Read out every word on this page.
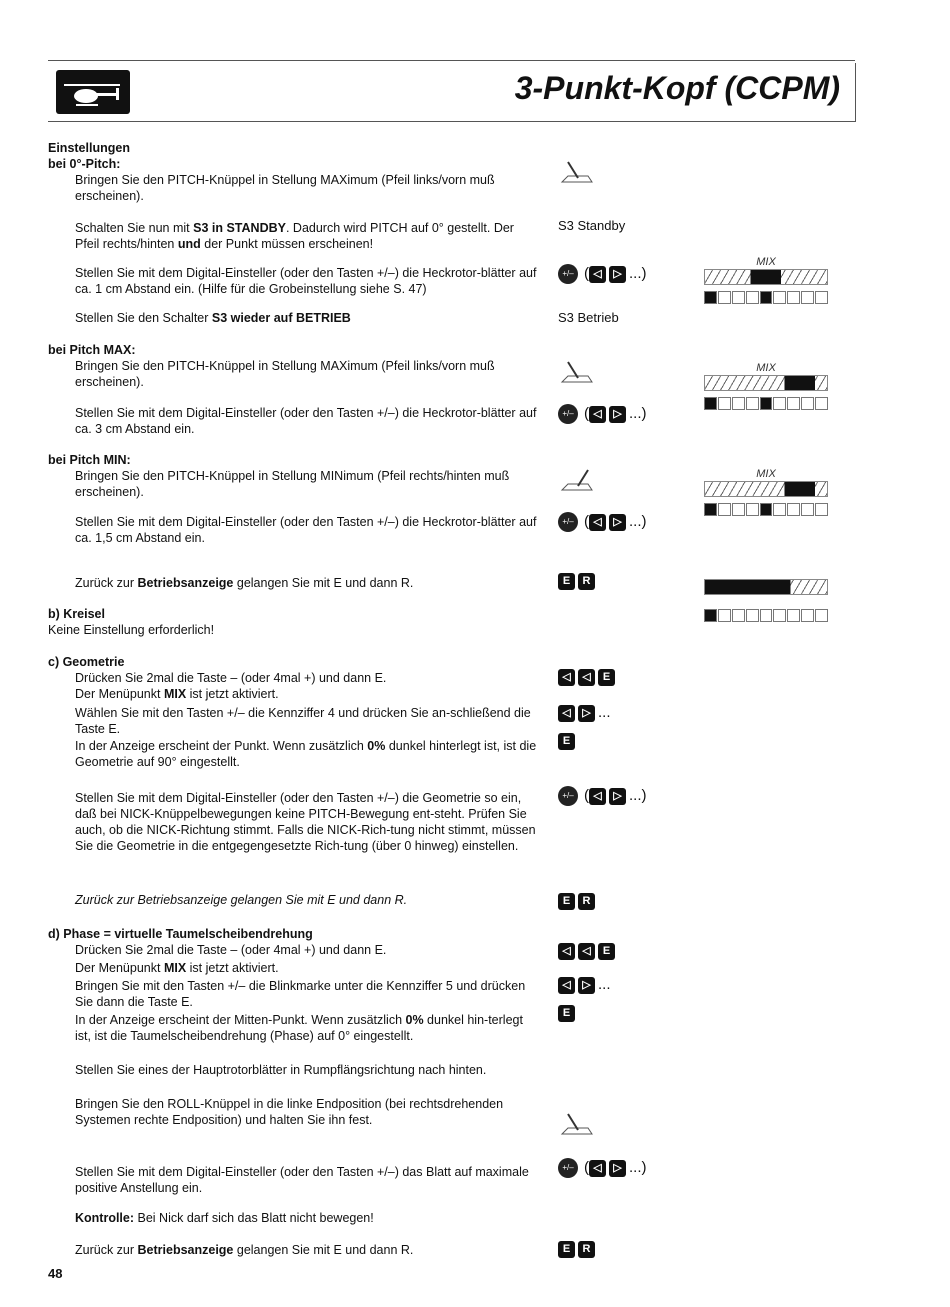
3-Punkt-Kopf (CCPM)
Einstellungen
bei 0°-Pitch:
Bringen Sie den PITCH-Knüppel in Stellung MAXimum (Pfeil links/vorn muß erscheinen).
Schalten Sie nun mit S3 in STANDBY. Dadurch wird PITCH auf 0° gestellt. Der Pfeil rechts/hinten und der Punkt müssen erscheinen!
Stellen Sie mit dem Digital-Einsteller (oder den Tasten +/–) die Heckrotor-blätter auf ca. 1 cm Abstand ein. (Hilfe für die Grobeinstellung siehe S. 47)
Stellen Sie den Schalter S3 wieder auf BETRIEB
bei Pitch MAX:
Bringen Sie den PITCH-Knüppel in Stellung MAXimum (Pfeil links/vorn muß erscheinen).
Stellen Sie mit dem Digital-Einsteller (oder den Tasten +/–) die Heckrotor-blätter auf ca. 3 cm Abstand ein.
bei Pitch MIN:
Bringen Sie den PITCH-Knüppel in Stellung MINimum (Pfeil rechts/hinten muß erscheinen).
Stellen Sie mit dem Digital-Einsteller (oder den Tasten +/–) die Heckrotor-blätter auf ca. 1,5 cm Abstand ein.
Zurück zur Betriebsanzeige gelangen Sie mit E und dann R.
b) Kreisel
Keine Einstellung erforderlich!
c) Geometrie
Drücken Sie 2mal die Taste – (oder 4mal +) und dann E.
Der Menüpunkt MIX ist jetzt aktiviert.
Wählen Sie mit den Tasten +/– die Kennziffer 4 und drücken Sie an-schließend die Taste E.
In der Anzeige erscheint der Punkt. Wenn zusätzlich 0% dunkel hinterlegt ist, ist die Geometrie auf 90° eingestellt.
Stellen Sie mit dem Digital-Einsteller (oder den Tasten +/–) die Geometrie so ein, daß bei NICK-Knüppelbewegungen keine PITCH-Bewegung ent-steht. Prüfen Sie auch, ob die NICK-Richtung stimmt. Falls die NICK-Rich-tung nicht stimmt, müssen Sie die Geometrie in die entgegengesetzte Rich-tung (über 0 hinweg) einstellen.
Zurück zur Betriebsanzeige gelangen Sie mit E und dann R.
d) Phase = virtuelle Taumelscheibendrehung
Drücken Sie 2mal die Taste – (oder 4mal +) und dann E.
Der Menüpunkt MIX ist jetzt aktiviert.
Bringen Sie mit den Tasten +/– die Blinkmarke unter die Kennziffer 5 und drücken Sie dann die Taste E.
In der Anzeige erscheint der Mitten-Punkt. Wenn zusätzlich 0% dunkel hin-terlegt ist, ist die Taumelscheibendrehung (Phase) auf 0° eingestellt.
Stellen Sie eines der Hauptrotorblätter in Rumpflängsrichtung nach hinten.
Bringen Sie den ROLL-Knüppel in die linke Endposition (bei rechtsdrehenden Systemen rechte Endposition) und halten Sie ihn fest.
Stellen Sie mit dem Digital-Einsteller (oder den Tasten +/–) das Blatt auf maximale positive Anstellung ein.
Kontrolle: Bei Nick darf sich das Blatt nicht bewegen!
Zurück zur Betriebsanzeige gelangen Sie mit E und dann R.
48
S3 Standby
S3 Betrieb
+/– ( ◁ ▷ ...)
+/– ( ◁ ▷ ...)
+/– ( ◁ ▷ ...)
E R
◁ ◁ E
◁ ▷ ...
E
+/– ( ◁ ▷ ...)
E R
◁ ◁ E
◁ ▷ ...
E
+/– ( ◁ ▷ ...)
E R
MIX
MIX
MIX
